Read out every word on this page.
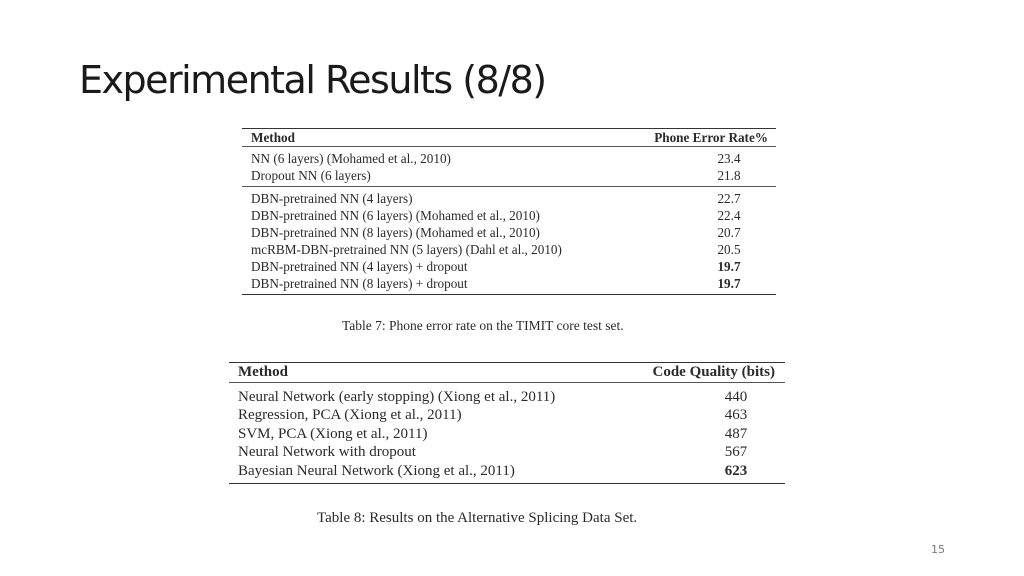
Experimental Results (8/8)
Method	Phone Error Rate%
NN (6 layers) (Mohamed et al., 2010)	23.4
Dropout NN (6 layers)	21.8
DBN-pretrained NN (4 layers)	22.7
DBN-pretrained NN (6 layers) (Mohamed et al., 2010)	22.4
DBN-pretrained NN (8 layers) (Mohamed et al., 2010)	20.7
mcRBM-DBN-pretrained NN (5 layers) (Dahl et al., 2010)	20.5
DBN-pretrained NN (4 layers) + dropout	19.7
DBN-pretrained NN (8 layers) + dropout	19.7
Table 7: Phone error rate on the TIMIT core test set.
Method	Code Quality (bits)
Neural Network (early stopping) (Xiong et al., 2011)	440
Regression, PCA (Xiong et al., 2011)	463
SVM, PCA (Xiong et al., 2011)	487
Neural Network with dropout	567
Bayesian Neural Network (Xiong et al., 2011)	623
Table 8: Results on the Alternative Splicing Data Set.
15
